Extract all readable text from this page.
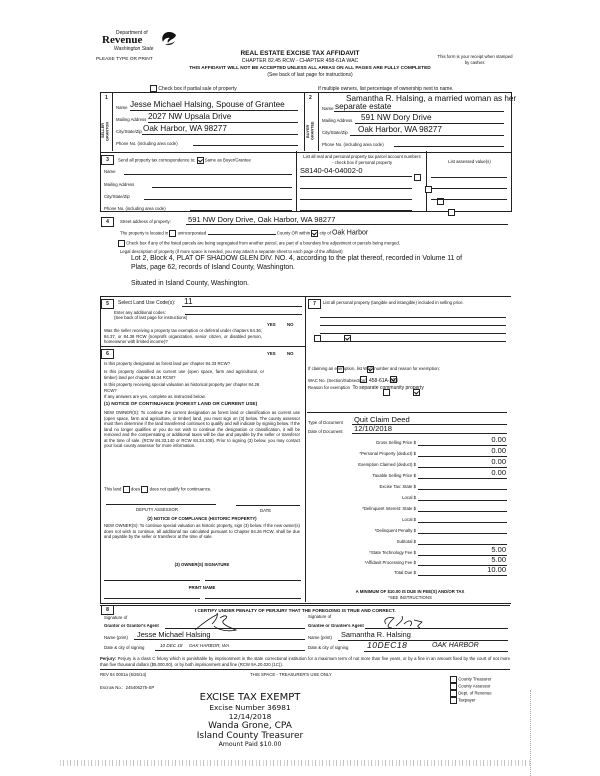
Department of
Revenue
Washington State
PLEASE TYPE OR PRINT
REAL ESTATE EXCISE TAX AFFIDAVIT
CHAPTER 82.45 RCW - CHAPTER 458-61A WAC
This form is your receipt when stamped by cashier.
THIS AFFIDAVIT WILL NOT BE ACCEPTED UNLESS ALL AREAS ON ALL PAGES ARE FULLY COMPLETED
(See back of last page for instructions)
Check box if partial sale of property	If multiple owners, list percentage of ownership next to name.
1
SELLER GRANTOR
Name Jesse Michael Halsing, Spouse of Grantee
Mailing Address 2027 NW Upsala Drive
City/State/Zip Oak Harbor, WA 98277
Phone No. (including area code)
2
BUYER GRANTEE
Samantha R. Halsing, a married woman as her
Name separate estate
Mailing Address 591 NW Dory Drive
City/State/Zip Oak Harbor, WA 98277
Phone No. (including area code)
3	Send all property tax correspondence to: Same as Buyer/Grantee
List all real and personal property tax parcel account numbers - check box if personal property	List assessed value(s)
Name
Mailing Address
City/State/Zip
Phone No. (including area code)
S8140-04-04002-0

4	Street address of property: 591 NW Dory Drive, Oak Harbor, WA 98277
The property is located in unincorporated	County OR within city of Oak Harbor
Check box if any of the listed parcels are being segregated from another parcel, are part of a boundary line adjustment or parcels being merged.
Legal description of property (if more space is needed, you may attach a separate sheet to each page of the affidavit)
Lot 2, Block 4, PLAT OF SHADOW GLEN DIV. NO. 4, according to the plat thereof, recorded in Volume 11 of
Plats, page 62, records of Island County, Washington.
Situated in Island County, Washington.
5	Select Land Use Code(s): 11
Enter any additional codes:
(See back of last page for instructions)
YES	NO
Was the seller receiving a property tax exemption or deferral under chapters 84.36, 84.37, or 84.38 RCW (nonprofit organization, senior citizen, or disabled person, homeowner with limited income)?

6	YES	NO
Is this property designated as forest land per chapter 84.33 RCW?

Is this property classified as current use (open space, farm and agricultural, or timber) land per chapter 84.34 RCW?

Is this property receiving special valuation as historical property per chapter 84.26 RCW?

If any answers are yes, complete as instructed below.
(1) NOTICE OF CONTINUANCE (FOREST LAND OR CURRENT USE)
NEW OWNER(S): To continue the current designation as forest land or classification as current use (open space, farm and agriculture, or timber) land, you must sign on (3) below. The county assessor must then determine if the land transferred continues to qualify and will indicate by signing below. If the land no longer qualifies or you do not wish to continue the designation or classification, it will be removed and the compensating or additional taxes will be due and payable by the seller or transferor at the time of sale. (RCW 84.33.140 or RCW 84.34.108). Prior to signing (3) below, you may contact your local county assessor for more information.
This land does does not qualify for continuance.
DEPUTY ASSESSOR	DATE
(2) NOTICE OF COMPLIANCE (HISTORIC PROPERTY)
NEW OWNER(S): To continue special valuation as historic property, sign (3) below. If the new owner(s) does not wish to continue, all additional tax calculated pursuant to Chapter 84.26 RCW, shall be due and payable by the seller or transferor at the time of sale.
(3) OWNER(S) SIGNATURE
PRINT NAME
7	List all personal property (tangible and intangible) included in selling price.
If claiming an exemption, list WAC number and reason for exemption:
WAC No. (Section/Subsection) 458-61A-203
Reason for exemption To separate community property
Type of Document Quit Claim Deed
Date of Document 12/10/2018
Gross Selling Price $	0.00
*Personal Property (deduct) $	0.00
Exemption Claimed (deduct) $	0.00
Taxable Selling Price $	0.00
Excise Tax: State $
Local $
*Delinquent Interest: State $
Local $
*Delinquent Penalty $
Subtotal $
*State Technology Fee $	5.00
*Affidavit Processing Fee $	5.00
Total Due $	10.00
A MINIMUM OF $10.00 IS DUE IN FEE(S) AND/OR TAX
*SEE INSTRUCTIONS
8	I CERTIFY UNDER PENALTY OF PERJURY THAT THE FOREGOING IS TRUE AND CORRECT.
Signature of
Grantor or Grantor's Agent
Name (print) Jesse Michael Halsing
Date & city of signing	10 DEC 18     OAK HARBOR, WA
Signature of
Grantee or Grantee's Agent
Name (print) Samantha R. Halsing
Date & city of signing 10DEC18	OAK HARBOR
Perjury: Perjury is a class C felony which is punishable by imprisonment in the state correctional institution for a maximum term of not more than five years, or by a fine in an amount fixed by the court of not more than five thousand dollars ($5,000.00), or by both imprisonment and fine (RCW 9A.20.020 (1C)).
REV 84 0001a (6/26/14)	THIS SPACE - TREASURER'S USE ONLY
Escrow No.: 245406275-SP
County Treasurer
County Assessor
Dept. of Revenue
Taxpayer
EXCISE TAX EXEMPT
Excise Number 36981
12/14/2018
Wanda Grone, CPA
Island County Treasurer
Amount Paid $10.00
